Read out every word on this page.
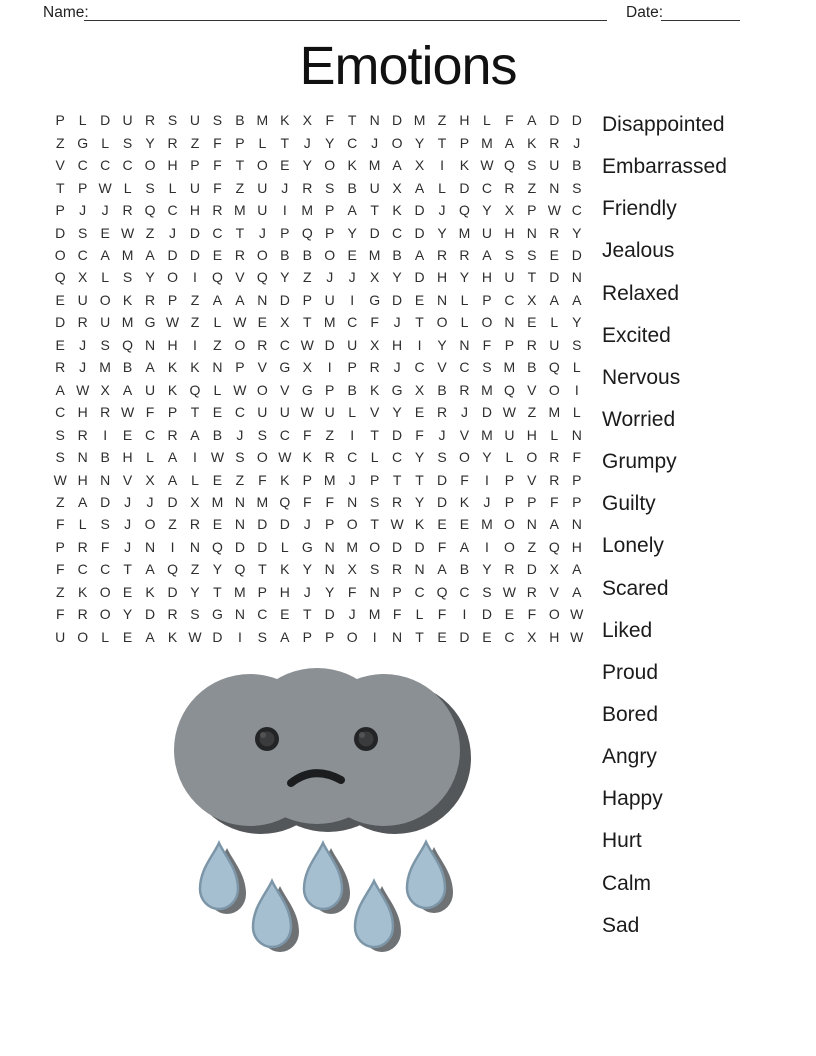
Name:	Date:
Emotions
P L D U R S U S B M K X F T N D M Z H L	F A D D
Z G L S Y R Z F P L	T	J	Y C J O Y T P M A K R J
V C C C O H P F T O E Y O K M A X	I	K W Q S U B
T P W L S L U F Z U J R S B U X A L D C R Z N S
P	J	J R Q C H R M U	I	M P A T K D J Q Y X P W C
D S E W Z	J D C T	J	P Q P Y D C D Y M U H N R Y
O C A M A D D E R O B B O E M B A R R A S S E D
Q X L S Y O	I	Q V Q Y Z	J	J	X Y D H Y H U T D N
E U O K R P Z A A N D P U	I	G D E N L P C X A A
D R U M G W Z	L W E X T M C F	J	T O L O N E L Y
E	J	S Q N H	I	Z O R C W D U X H	I	Y N F P R U S
R J M B A K K N P V G X	I	P R J C V C S M B Q L
A W X A U K Q L W O V G P B K G X B R M Q V O	I
C H R W F P T E C U U W U L V Y E R J D W Z M L
S R	I	E C R A B	J	S C F Z	I	T D F	J	V M U H L N
S N B H L A	I W S O W K R C L C Y S O Y L O R F
W H N V X A L E Z F K P M J	P T T D F	I	P V R P
Z A D J	J D X M N M Q F F N S R Y D K	J	P P F P
F	L S	J O Z R E N D D J	P O T W K E E M O N A N
P R F	J N	I	N Q D D L G N M O D D F A	I	O Z Q H
F C C T A Q Z Y Q T K Y N X S R N A B Y R D X A
Z K O E K D Y T M P H J	Y F N P C Q C S W R V A
F R O Y D R S G N C E T D J M F	L	F	I	D E F O W
U O L E A K W D	I	S A P P O	I	N T E D E C X H W
Disappointed
Embarrassed
Friendly
Jealous
Relaxed
Excited
Nervous
Worried
Grumpy
Guilty
Lonely
Scared
Liked
Proud
Bored
Angry
Happy
Hurt
Calm
Sad
